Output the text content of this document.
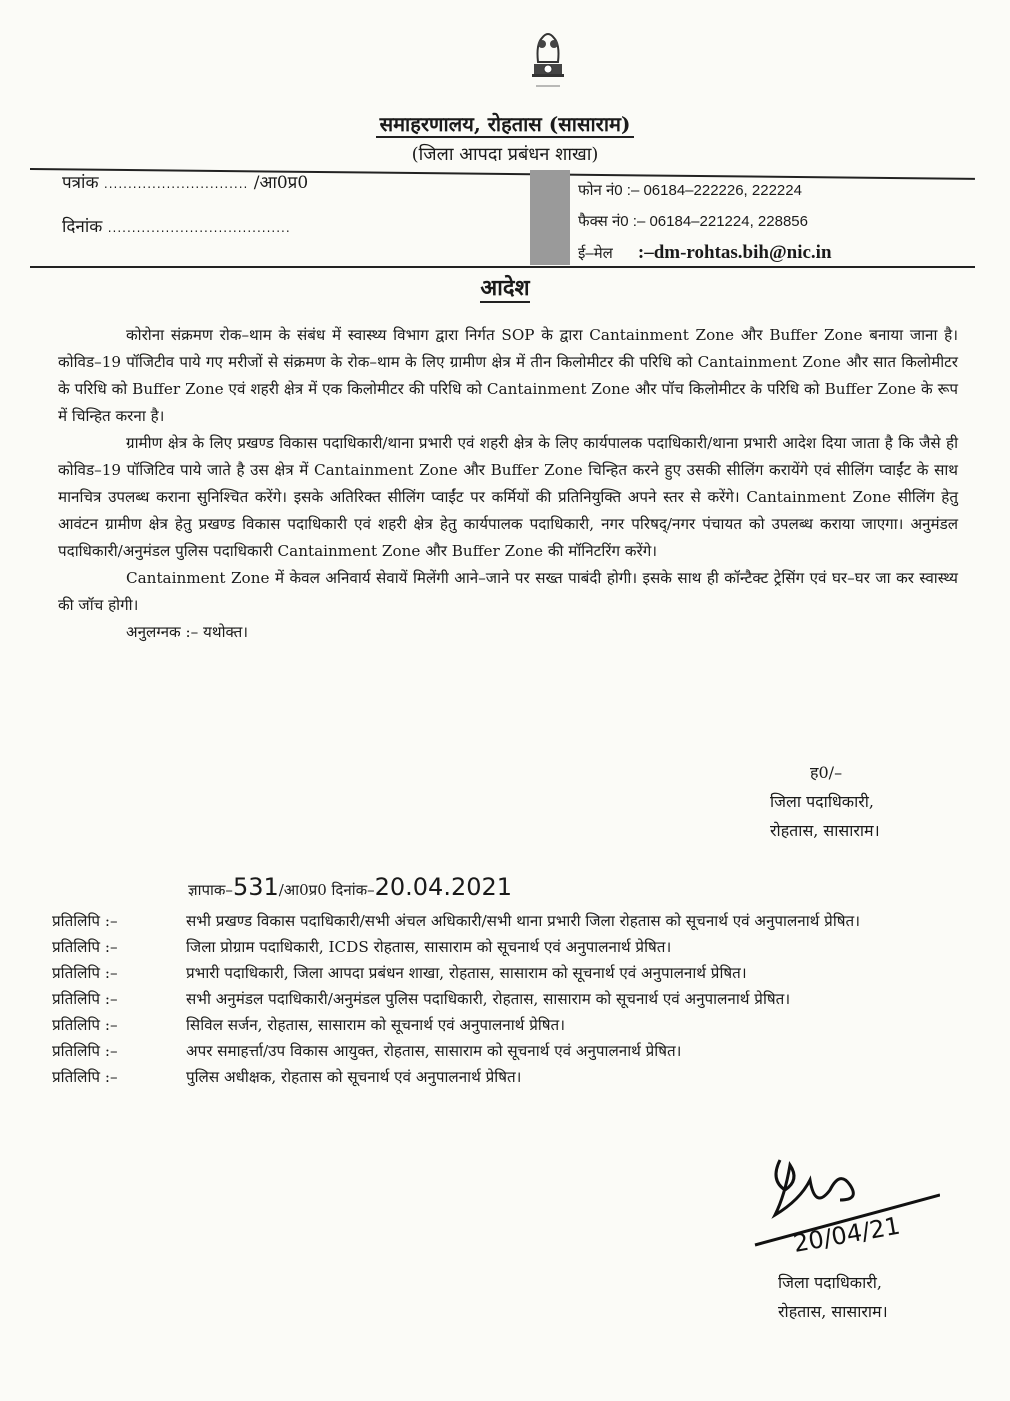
समाहरणालय, रोहतास (सासाराम)
(जिला आपदा प्रबंधन शाखा)
पत्रांक .............................. /आ0प्र0
दिनांक ......................................
फोन नं0 :– 06184–222226, 222224
फैक्स नं0 :– 06184–221224, 228856
ई–मेल :–dm-rohtas.bih@nic.in
आदेश

कोरोना संक्रमण रोक–थाम के संबंध में स्वास्थ्य विभाग द्वारा निर्गत SOP के द्वारा Cantainment Zone और Buffer Zone बनाया जाना है। कोविड–19 पॉजिटीव पाये गए मरीजों से संक्रमण के रोक–थाम के लिए ग्रामीण क्षेत्र में तीन किलोमीटर की परिधि को Cantainment Zone और सात किलोमीटर के परिधि को Buffer Zone एवं शहरी क्षेत्र में एक किलोमीटर की परिधि को Cantainment Zone और पॉच किलोमीटर के परिधि को Buffer Zone के रूप में चिन्हित करना है।

ग्रामीण क्षेत्र के लिए प्रखण्ड विकास पदाधिकारी/थाना प्रभारी एवं शहरी क्षेत्र के लिए कार्यपालक पदाधिकारी/थाना प्रभारी आदेश दिया जाता है कि जैसे ही कोविड–19 पॉजिटिव पाये जाते है उस क्षेत्र में Cantainment Zone और Buffer Zone चिन्हित करने हुए उसकी सीलिंग करायेंगे एवं सीलिंग प्वाईंट के साथ मानचित्र उपलब्ध कराना सुनिश्चित करेंगे। इसके अतिरिक्त सीलिंग प्वाईंट पर कर्मियों की प्रतिनियुक्ति अपने स्तर से करेंगे। Cantainment Zone सीलिंग हेतु आवंटन ग्रामीण क्षेत्र हेतु प्रखण्ड विकास पदाधिकारी एवं शहरी क्षेत्र हेतु कार्यपालक पदाधिकारी, नगर परिषद्/नगर पंचायत को उपलब्ध कराया जाएगा। अनुमंडल पदाधिकारी/अनुमंडल पुलिस पदाधिकारी Cantainment Zone और Buffer Zone की मॉनिटरिंग करेंगे।

Cantainment Zone में केवल अनिवार्य सेवायें मिलेंगी आने–जाने पर सख्त पाबंदी होगी। इसके साथ ही कॉन्टैक्ट ट्रेसिंग एवं घर–घर जा कर स्वास्थ्य की जॉच होगी।

अनुलग्नक :– यथोक्त।

ह0/–
जिला पदाधिकारी,
रोहतास, सासाराम।
ज्ञापाक–531/आ0प्र0 दिनांक–20.04.2021
प्रतिलिपि :–	सभी प्रखण्ड विकास पदाधिकारी/सभी अंचल अधिकारी/सभी थाना प्रभारी जिला रोहतास को सूचनार्थ एवं अनुपालनार्थ प्रेषित।
प्रतिलिपि :–	जिला प्रोग्राम पदाधिकारी, ICDS रोहतास, सासाराम को सूचनार्थ एवं अनुपालनार्थ प्रेषित।
प्रतिलिपि :–	प्रभारी पदाधिकारी, जिला आपदा प्रबंधन शाखा, रोहतास, सासाराम को सूचनार्थ एवं अनुपालनार्थ प्रेषित।
प्रतिलिपि :–	सभी अनुमंडल पदाधिकारी/अनुमंडल पुलिस पदाधिकारी, रोहतास, सासाराम को सूचनार्थ एवं अनुपालनार्थ प्रेषित।
प्रतिलिपि :–	सिविल सर्जन, रोहतास, सासाराम को सूचनार्थ एवं अनुपालनार्थ प्रेषित।
प्रतिलिपि :–	अपर समाहर्त्ता/उप विकास आयुक्त, रोहतास, सासाराम को सूचनार्थ एवं अनुपालनार्थ प्रेषित।
प्रतिलिपि :–	पुलिस अधीक्षक, रोहतास को सूचनार्थ एवं अनुपालनार्थ प्रेषित।
20/04/21
जिला पदाधिकारी,
रोहतास, सासाराम।
